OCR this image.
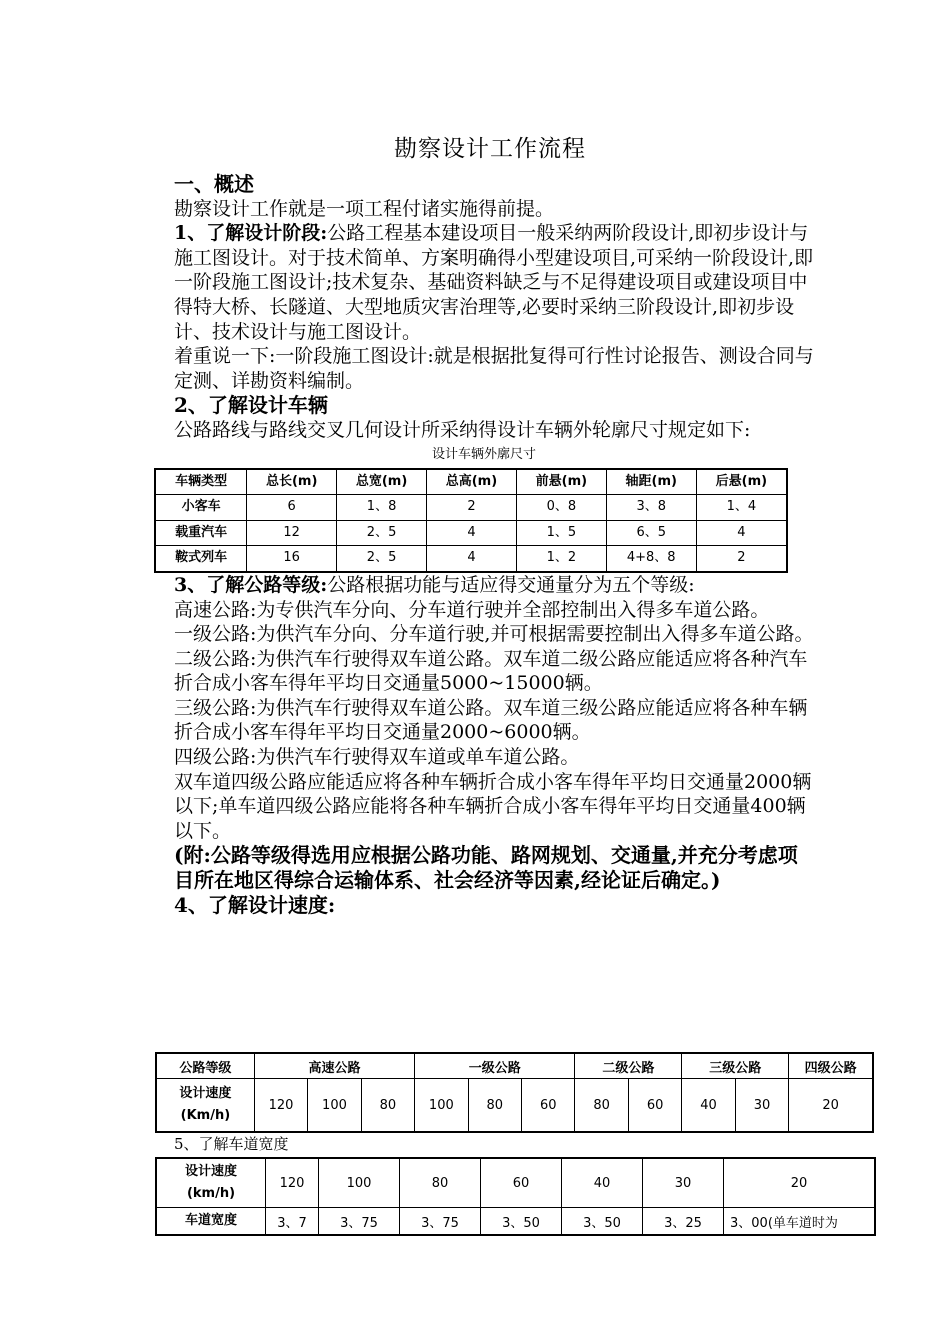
勘察设计工作流程

一、概述

勘察设计工作就是一项工程付诸实施得前提。

1、了解设计阶段:公路工程基本建设项目一般采纳两阶段设计,即初步设计与施工图设计。对于技术简单、方案明确得小型建设项目,可采纳一阶段设计,即一阶段施工图设计;技术复杂、基础资料缺乏与不足得建设项目或建设项目中得特大桥、长隧道、大型地质灾害治理等,必要时采纳三阶段设计,即初步设计、技术设计与施工图设计。

着重说一下:一阶段施工图设计:就是根据批复得可行性讨论报告、测设合同与定测、详勘资料编制。

2、了解设计车辆

公路路线与路线交叉几何设计所采纳得设计车辆外轮廓尺寸规定如下:

设计车辆外廓尺寸
车辆类型	总长(m)	总宽(m)	总高(m)	前悬(m)	轴距(m)	后悬(m)
小客车	6	1、8	2	0、8	3、8	1、4
载重汽车	12	2、5	4	1、5	6、5	4
鞍式列车	16	2、5	4	1、2	4+8、8	2

3、了解公路等级:公路根据功能与适应得交通量分为五个等级:

高速公路:为专供汽车分向、分车道行驶并全部控制出入得多车道公路。

一级公路:为供汽车分向、分车道行驶,并可根据需要控制出入得多车道公路。

二级公路:为供汽车行驶得双车道公路。双车道二级公路应能适应将各种汽车折合成小客车得年平均日交通量5000~15000辆。

三级公路:为供汽车行驶得双车道公路。双车道三级公路应能适应将各种车辆折合成小客车得年平均日交通量2000~6000辆。

四级公路:为供汽车行驶得双车道或单车道公路。

双车道四级公路应能适应将各种车辆折合成小客车得年平均日交通量2000辆以下;单车道四级公路应能将各种车辆折合成小客车得年平均日交通量400辆以下。

(附:公路等级得选用应根据公路功能、路网规划、交通量,并充分考虑项目所在地区得综合运输体系、社会经济等因素,经论证后确定。)

4、了解设计速度:

公路等级	高速公路			一级公路			二级公路		三级公路		四级公路
设计速度
(Km/h)	120	100	80	100	80	60	80	60	40	30	20
5、了解车道宽度
设计速度
(km/h)	120	100	80	60	40	30	20
车道宽度	3、7	3、75	3、75	3、50	3、50	3、25	3、00(单车道时为
